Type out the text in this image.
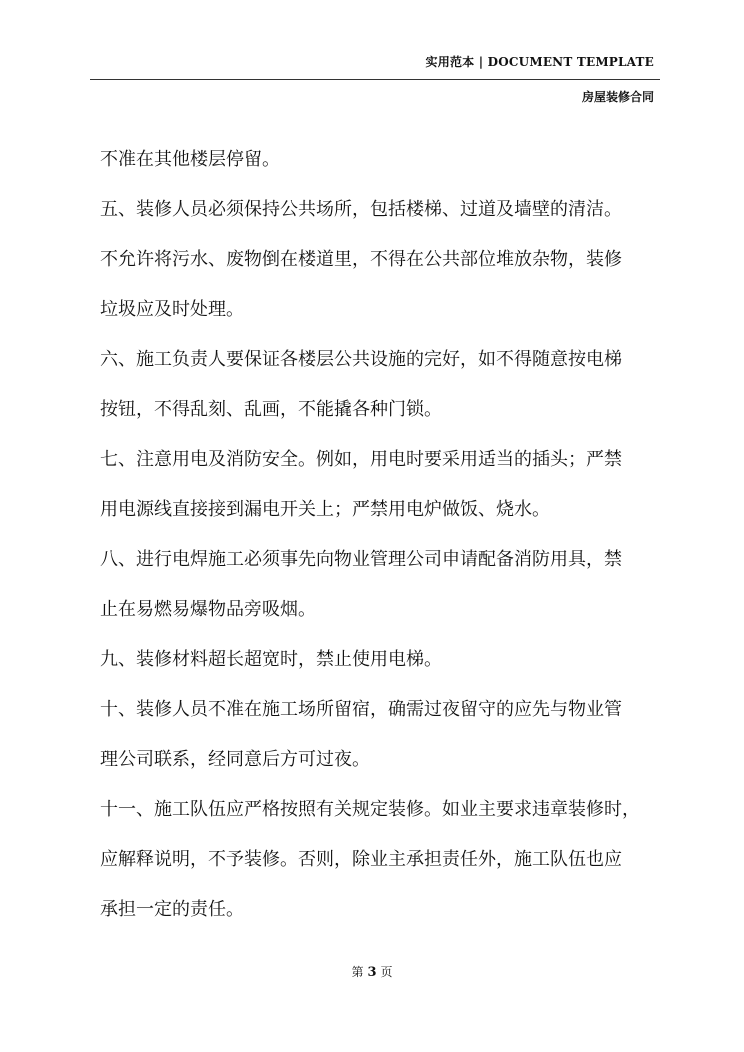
实用范本 | DOCUMENT TEMPLATE
房屋装修合同
不准在其他楼层停留。
五、装修人员必须保持公共场所，包括楼梯、过道及墙壁的清洁。
不允许将污水、废物倒在楼道里，不得在公共部位堆放杂物，装修
垃圾应及时处理。
六、施工负责人要保证各楼层公共设施的完好，如不得随意按电梯
按钮，不得乱刻、乱画，不能撬各种门锁。
七、注意用电及消防安全。例如，用电时要采用适当的插头；严禁
用电源线直接接到漏电开关上；严禁用电炉做饭、烧水。
八、进行电焊施工必须事先向物业管理公司申请配备消防用具，禁
止在易燃易爆物品旁吸烟。
九、装修材料超长超宽时，禁止使用电梯。
十、装修人员不准在施工场所留宿，确需过夜留守的应先与物业管
理公司联系，经同意后方可过夜。
十一、施工队伍应严格按照有关规定装修。如业主要求违章装修时，
应解释说明，不予装修。否则，除业主承担责任外，施工队伍也应
承担一定的责任。
第 3 页
